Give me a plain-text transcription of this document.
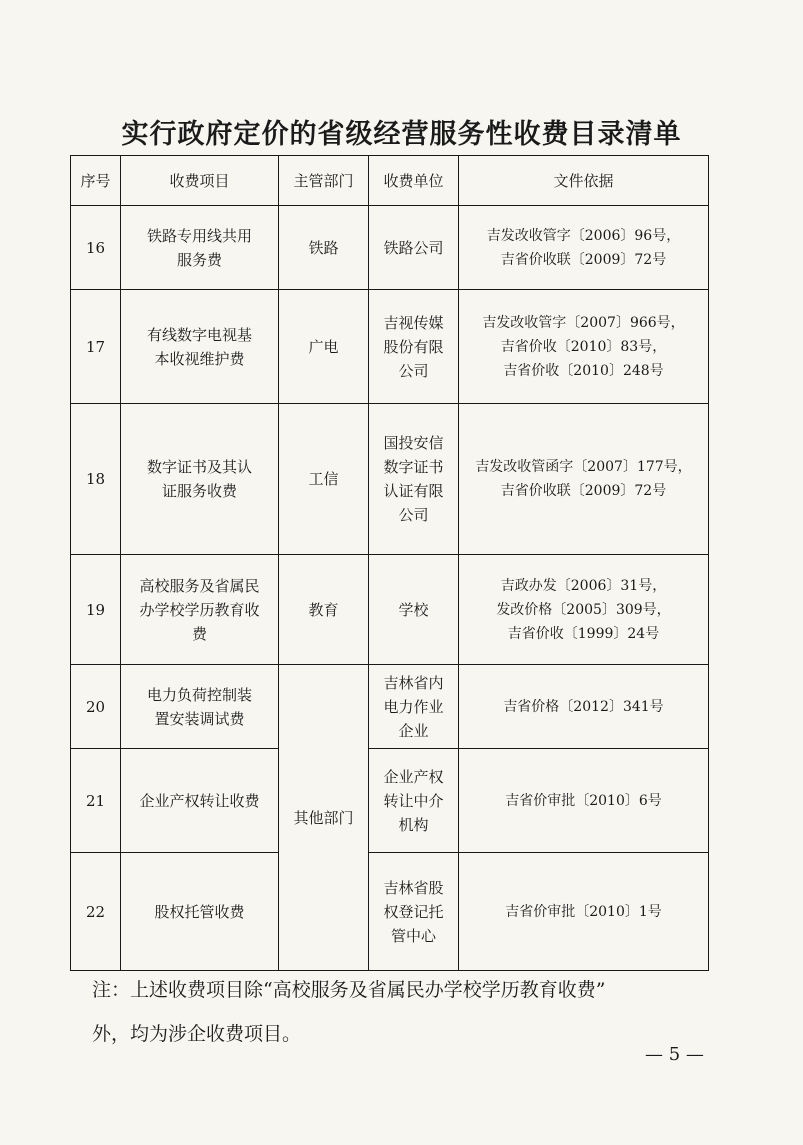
实行政府定价的省级经营服务性收费目录清单
序号	收费项目	主管部门	收费单位	文件依据
16	铁路专用线共用服务费	铁路	铁路公司	吉发改收管字〔2006〕96号，
吉省价收联〔2009〕72号

17	有线数字电视基本收视维护费	广电	吉视传媒股份有限公司	吉发改收管字〔2007〕966号，
吉省价收〔2010〕83号，
吉省价收〔2010〕248号

18	数字证书及其认证服务收费	工信	国投安信数字证书认证有限公司	吉发改收管函字〔2007〕177号，
吉省价收联〔2009〕72号

19	高校服务及省属民办学校学历教育收费	教育	学校	吉政办发〔2006〕31号，
发改价格〔2005〕309号，
吉省价收〔1999〕24号

20	电力负荷控制装置安装调试费	其他部门	吉林省内电力作业企业	吉省价格〔2012〕341号

21	企业产权转让收费		企业产权转让中介机构	吉省价审批〔2010〕6号

22	股权托管收费		吉林省股权登记托管中心	吉省价审批〔2010〕1号
注：上述收费项目除“高校服务及省属民办学校学历教育收费”
外，均为涉企收费项目。
— 5 —
